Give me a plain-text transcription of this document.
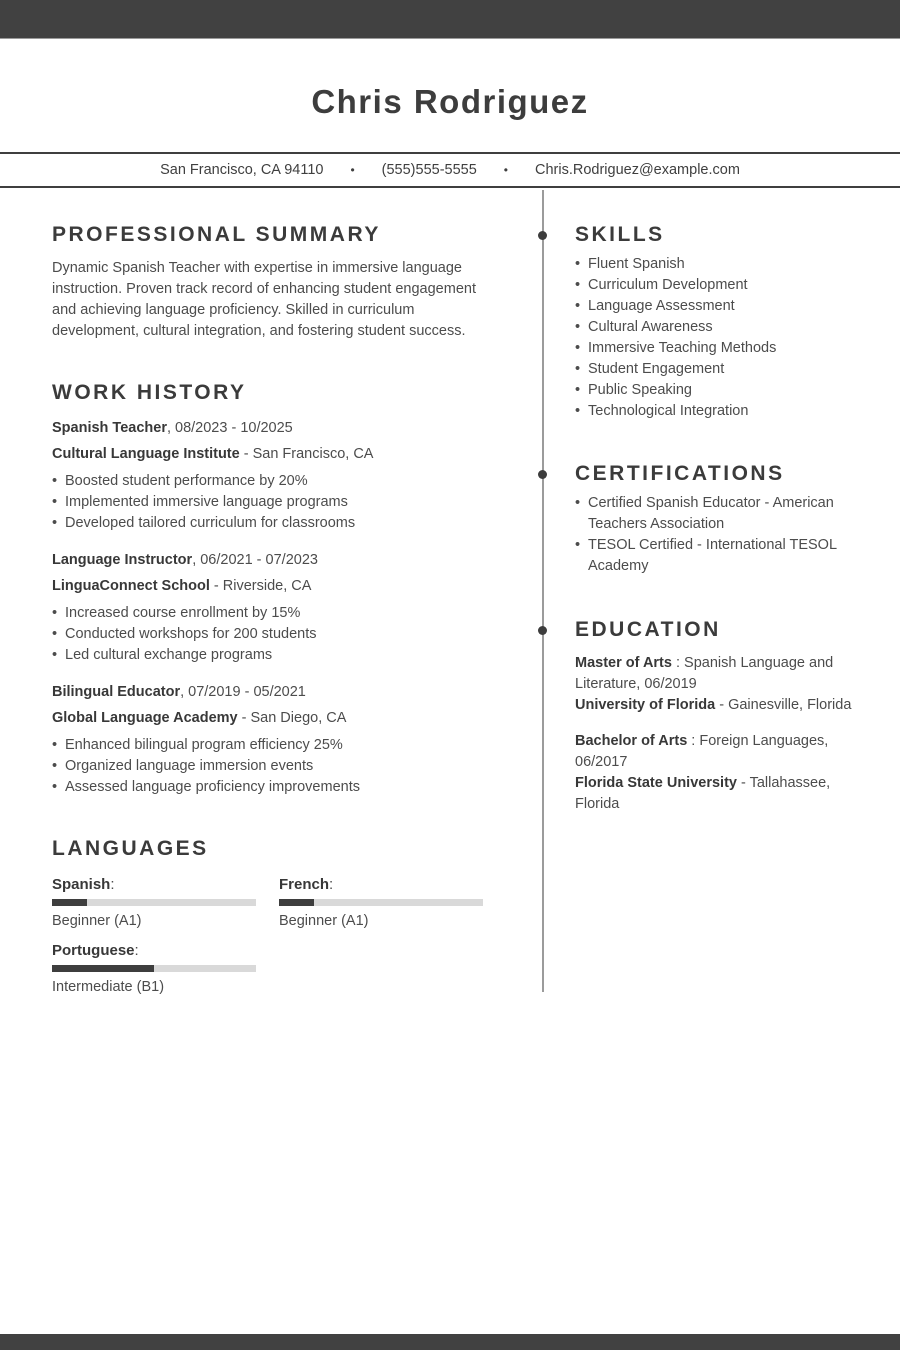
Chris Rodriguez
San Francisco, CA 94110 • (555)555-5555 • Chris.Rodriguez@example.com
PROFESSIONAL SUMMARY

Dynamic Spanish Teacher with expertise in immersive language instruction. Proven track record of enhancing student engagement and achieving language proficiency. Skilled in curriculum development, cultural integration, and fostering student success.

WORK HISTORY

Spanish Teacher, 08/2023 - 10/2025

Cultural Language Institute - San Francisco, CA

• Boosted student performance by 20%
• Implemented immersive language programs
• Developed tailored curriculum for classrooms

Language Instructor, 06/2021 - 07/2023

LinguaConnect School - Riverside, CA

• Increased course enrollment by 15%
• Conducted workshops for 200 students
• Led cultural exchange programs

Bilingual Educator, 07/2019 - 05/2021

Global Language Academy - San Diego, CA

• Enhanced bilingual program efficiency 25%
• Organized language immersion events
• Assessed language proficiency improvements
LANGUAGES

Spanish:

Beginner (A1)

French:

Beginner (A1)

Portuguese:

Intermediate (B1)

SKILLS
• Fluent Spanish
• Curriculum Development
• Language Assessment
• Cultural Awareness
• Immersive Teaching Methods
• Student Engagement
• Public Speaking
• Technological Integration
CERTIFICATIONS
• Certified Spanish Educator - American Teachers Association
• TESOL Certified - International TESOL Academy
EDUCATION

Master of Arts : Spanish Language and Literature, 06/2019

University of Florida - Gainesville, Florida

Bachelor of Arts : Foreign Languages, 06/2017

Florida State University - Tallahassee, Florida
